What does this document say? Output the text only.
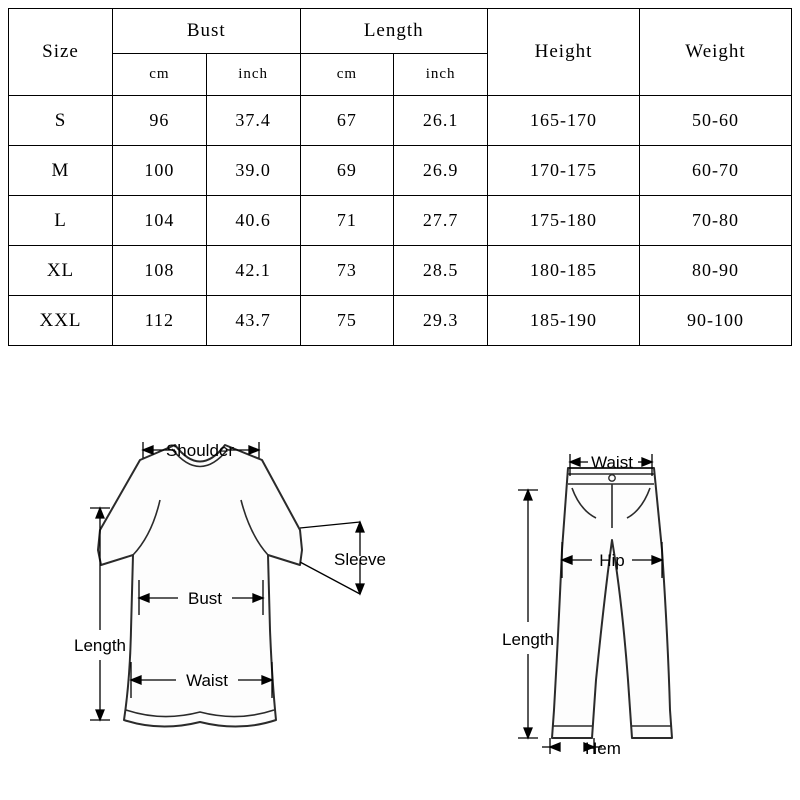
Size	Bust		Length		Height	Weight
	cm	inch	cm	inch		
S	96	37.4	67	26.1	165-170	50-60
M	100	39.0	69	26.9	170-175	60-70
L	104	40.6	71	27.7	175-180	70-80
XL	108	42.1	73	28.5	180-185	80-90
XXL	112	43.7	75	29.3	185-190	90-100
Shoulder
Sleeve
Bust
Waist
Length
Waist
Hip
Length
Hem
